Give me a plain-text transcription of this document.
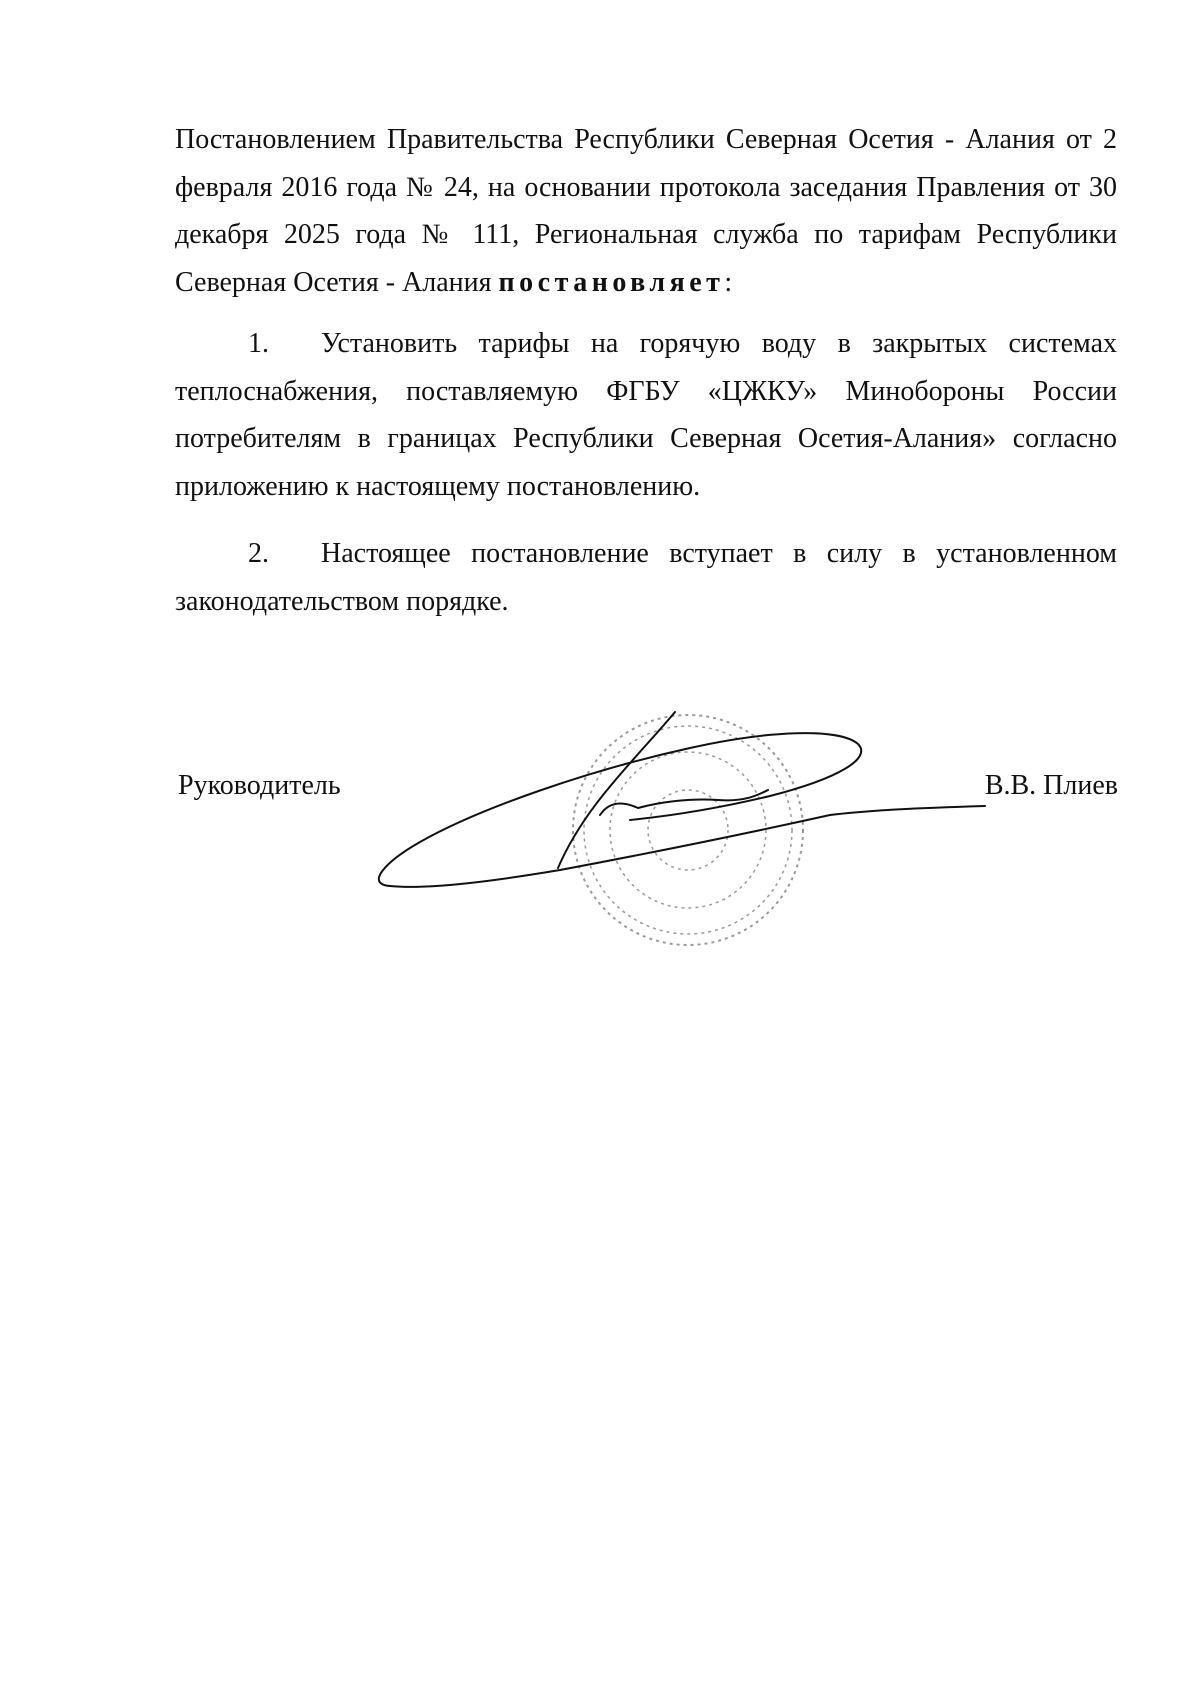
Постановлением Правительства Республики Северная Осетия - Алания от 2 февраля 2016 года № 24, на основании протокола заседания Правления от 30 декабря 2025 года № 111, Региональная служба по тарифам Республики Северная Осетия - Алания постановляет:

1. Установить тарифы на горячую воду в закрытых системах теплоснабжения, поставляемую ФГБУ «ЦЖКУ» Минобороны России потребителям в границах Республики Северная Осетия-Алания» согласно приложению к настоящему постановлению.

2. Настоящее постановление вступает в силу в установленном законодательством порядке.

Руководитель	В.В. Плиев
